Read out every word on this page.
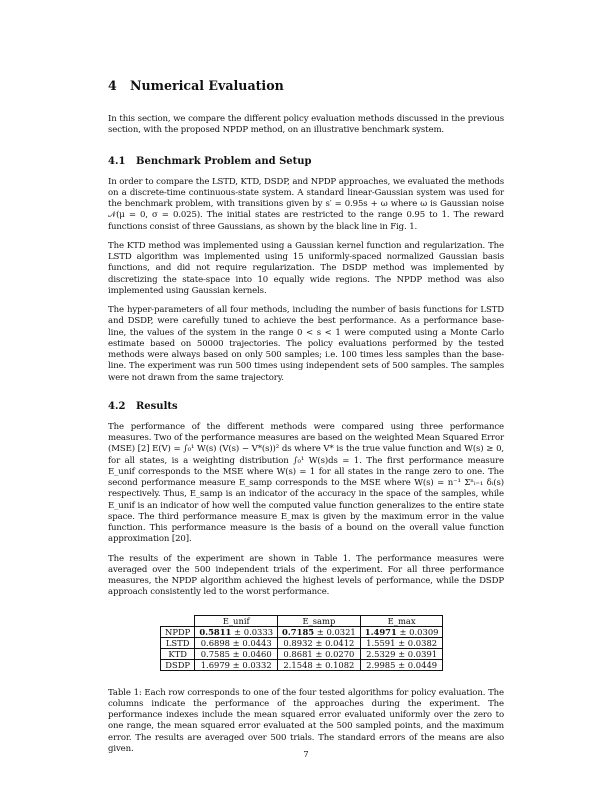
4 Numerical Evaluation

In this section, we compare the different policy evaluation methods discussed in the previous section, with the proposed NPDP method, on an illustrative benchmark system.

4.1 Benchmark Problem and Setup

In order to compare the LSTD, KTD, DSDP, and NPDP approaches, we evaluated the methods on a discrete-time continuous-state system. A standard linear-Gaussian system was used for the benchmark problem, with transitions given by s′ = 0.95s + ω where ω is Gaussian noise 𝒩(μ = 0, σ = 0.025). The initial states are restricted to the range 0.95 to 1. The reward functions consist of three Gaussians, as shown by the black line in Fig. 1.

The KTD method was implemented using a Gaussian kernel function and regularization. The LSTD algorithm was implemented using 15 uniformly-spaced normalized Gaussian basis functions, and did not require regularization. The DSDP method was implemented by discretizing the state-space into 10 equally wide regions. The NPDP method was also implemented using Gaussian kernels.

The hyper-parameters of all four methods, including the number of basis functions for LSTD and DSDP, were carefully tuned to achieve the best performance. As a performance base-line, the values of the system in the range 0 < s < 1 were computed using a Monte Carlo estimate based on 50000 trajectories. The policy evaluations performed by the tested methods were always based on only 500 samples; i.e. 100 times less samples than the base-line. The experiment was run 500 times using independent sets of 500 samples. The samples were not drawn from the same trajectory.

4.2 Results

The performance of the different methods were compared using three performance measures. Two of the performance measures are based on the weighted Mean Squared Error (MSE) [2] E(V) = ∫₀¹ W(s) (V(s) − V*(s))² ds where V* is the true value function and W(s) ≥ 0, for all states, is a weighting distribution ∫₀¹ W(s)ds = 1. The first performance measure E_unif corresponds to the MSE where W(s) = 1 for all states in the range zero to one. The second performance measure E_samp corresponds to the MSE where W(s) = n⁻¹ Σⁿᵢ₌₁ δᵢ(s) respectively. Thus, E_samp is an indicator of the accuracy in the space of the samples, while E_unif is an indicator of how well the computed value function generalizes to the entire state space. The third performance measure E_max is given by the maximum error in the value function. This performance measure is the basis of a bound on the overall value function approximation [20].

The results of the experiment are shown in Table 1. The performance measures were averaged over the 500 independent trials of the experiment. For all three performance measures, the NPDP algorithm achieved the highest levels of performance, while the DSDP approach consistently led to the worst performance.

	E_unif	E_samp	E_max
NPDP	0.5811 ± 0.0333	0.7185 ± 0.0321	1.4971 ± 0.0309
LSTD	0.6898 ± 0.0443	0.8932 ± 0.0412	1.5591 ± 0.0382
KTD	0.7585 ± 0.0460	0.8681 ± 0.0270	2.5329 ± 0.0391
DSDP	1.6979 ± 0.0332	2.1548 ± 0.1082	2.9985 ± 0.0449

Table 1: Each row corresponds to one of the four tested algorithms for policy evaluation. The columns indicate the performance of the approaches during the experiment. The performance indexes include the mean squared error evaluated uniformly over the zero to one range, the mean squared error evaluated at the 500 sampled points, and the maximum error. The results are averaged over 500 trials. The standard errors of the means are also given.

7
